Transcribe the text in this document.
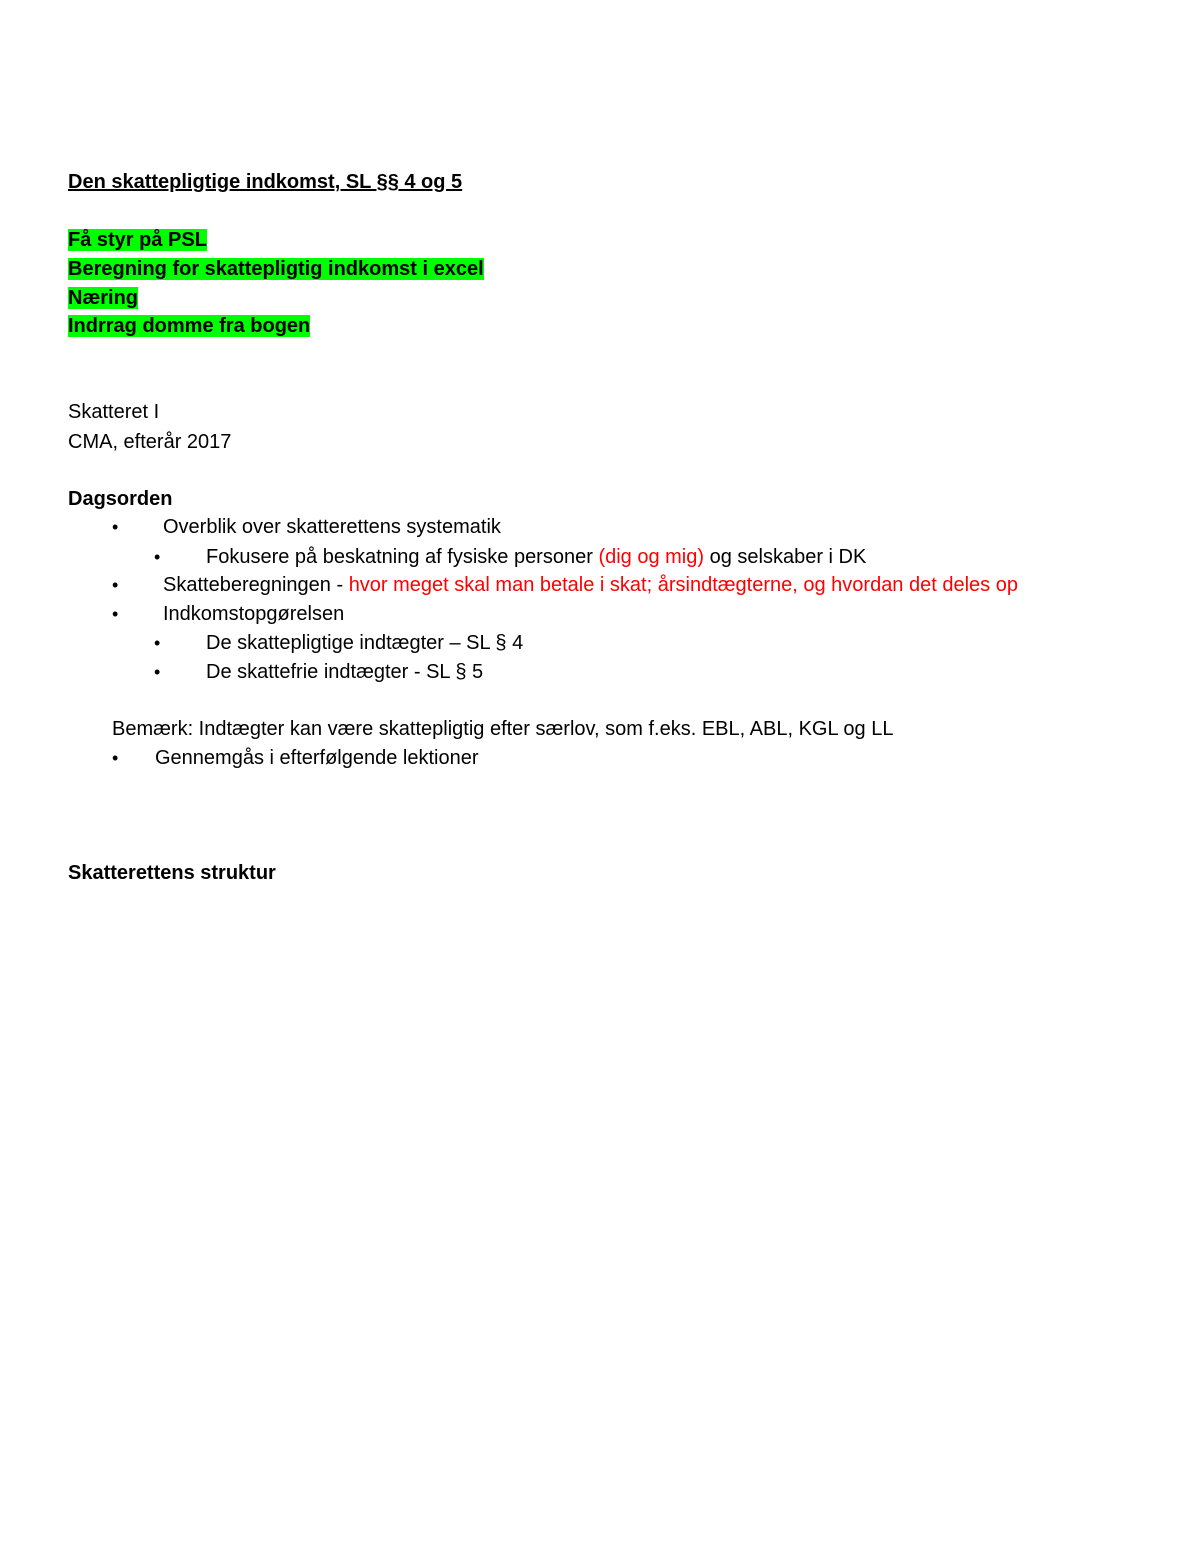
Den skattepligtige indkomst, SL §§ 4 og 5
Få styr på PSL
Beregning for skattepligtig indkomst i excel
Næring
Indrrag domme fra bogen
Skatteret I
CMA, efterår 2017
Dagsorden
• Overblik over skatterettens systematik
• Fokusere på beskatning af fysiske personer (dig og mig) og selskaber i DK
• Skatteberegningen - hvor meget skal man betale i skat; årsindtægterne, og hvordan det deles op
• Indkomstopgørelsen
• De skattepligtige indtægter – SL § 4
• De skattefrie indtægter - SL § 5
Bemærk: Indtægter kan være skattepligtig efter særlov, som f.eks. EBL, ABL, KGL og LL
• Gennemgås i efterfølgende lektioner
Skatterettens struktur
